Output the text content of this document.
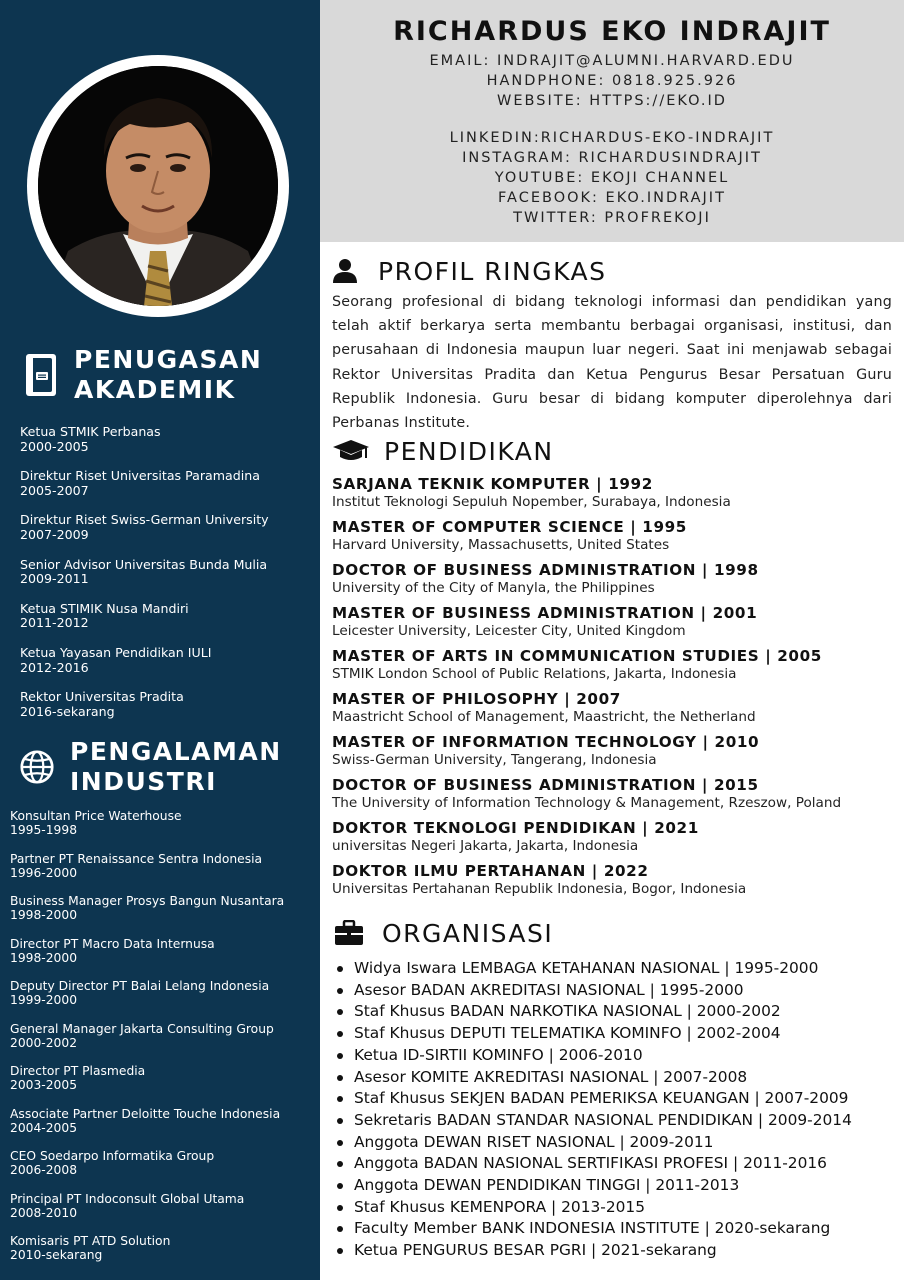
PENUGASAN
AKADEMIK
Ketua STMIK Perbanas
2000-2005
Direktur Riset Universitas Paramadina
2005-2007
Direktur Riset Swiss-German University
2007-2009
Senior Advisor Universitas Bunda Mulia
2009-2011
Ketua STIMIK Nusa Mandiri
2011-2012
Ketua Yayasan Pendidikan IULI
2012-2016
Rektor Universitas Pradita
2016-sekarang
PENGALAMAN
INDUSTRI
Konsultan Price Waterhouse
1995-1998
Partner PT Renaissance Sentra Indonesia
1996-2000
Business Manager Prosys Bangun Nusantara
1998-2000
Director PT Macro Data Internusa
1998-2000
Deputy Director PT Balai Lelang Indonesia
1999-2000
General Manager Jakarta Consulting Group
2000-2002
Director PT Plasmedia
2003-2005
Associate Partner Deloitte Touche Indonesia
2004-2005
CEO Soedarpo Informatika Group
2006-2008
Principal PT Indoconsult Global Utama
2008-2010
Komisaris PT ATD Solution
2010-sekarang
RICHARDUS EKO INDRAJIT
EMAIL: INDRAJIT@ALUMNI.HARVARD.EDU
HANDPHONE: 0818.925.926
WEBSITE: HTTPS://EKO.ID
LINKEDIN:RICHARDUS-EKO-INDRAJIT
INSTAGRAM: RICHARDUSINDRAJIT
YOUTUBE: EKOJI CHANNEL
FACEBOOK: EKO.INDRAJIT
TWITTER: PROFREKOJI
PROFIL RINGKAS
Seorang profesional di bidang teknologi informasi dan pendidikan yang telah aktif berkarya serta membantu berbagai organisasi, institusi, dan perusahaan di Indonesia maupun luar negeri. Saat ini menjawab sebagai Rektor Universitas Pradita dan Ketua Pengurus Besar Persatuan Guru Republik Indonesia. Guru besar di bidang komputer diperolehnya dari Perbanas Institute.
PENDIDIKAN
SARJANA TEKNIK KOMPUTER | 1992
Institut Teknologi Sepuluh Nopember, Surabaya, Indonesia
MASTER OF COMPUTER SCIENCE | 1995
Harvard University, Massachusetts, United States
DOCTOR OF BUSINESS ADMINISTRATION | 1998
University of the City of Manyla, the Philippines
MASTER OF BUSINESS ADMINISTRATION | 2001
Leicester University, Leicester City, United Kingdom
MASTER OF ARTS IN COMMUNICATION STUDIES | 2005
STMIK London School of Public Relations, Jakarta, Indonesia
MASTER OF PHILOSOPHY | 2007
Maastricht School of Management, Maastricht, the Netherland
MASTER OF INFORMATION TECHNOLOGY | 2010
Swiss-German University, Tangerang, Indonesia
DOCTOR OF BUSINESS ADMINISTRATION | 2015
The University of Information Technology & Management, Rzeszow, Poland
DOKTOR TEKNOLOGI PENDIDIKAN | 2021
universitas Negeri Jakarta, Jakarta, Indonesia
DOKTOR ILMU PERTAHANAN | 2022
Universitas Pertahanan Republik Indonesia, Bogor, Indonesia
ORGANISASI
Widya Iswara LEMBAGA KETAHANAN NASIONAL | 1995-2000
Asesor BADAN AKREDITASI NASIONAL | 1995-2000
Staf Khusus BADAN NARKOTIKA NASIONAL | 2000-2002
Staf Khusus DEPUTI TELEMATIKA KOMINFO | 2002-2004
Ketua ID-SIRTII KOMINFO | 2006-2010
Asesor KOMITE AKREDITASI NASIONAL | 2007-2008
Staf Khusus SEKJEN BADAN PEMERIKSA KEUANGAN | 2007-2009
Sekretaris BADAN STANDAR NASIONAL PENDIDIKAN | 2009-2014
Anggota DEWAN RISET NASIONAL | 2009-2011
Anggota BADAN NASIONAL SERTIFIKASI PROFESI | 2011-2016
Anggota DEWAN PENDIDIKAN TINGGI | 2011-2013
Staf Khusus KEMENPORA | 2013-2015
Faculty Member BANK INDONESIA INSTITUTE | 2020-sekarang
Ketua PENGURUS BESAR PGRI | 2021-sekarang
